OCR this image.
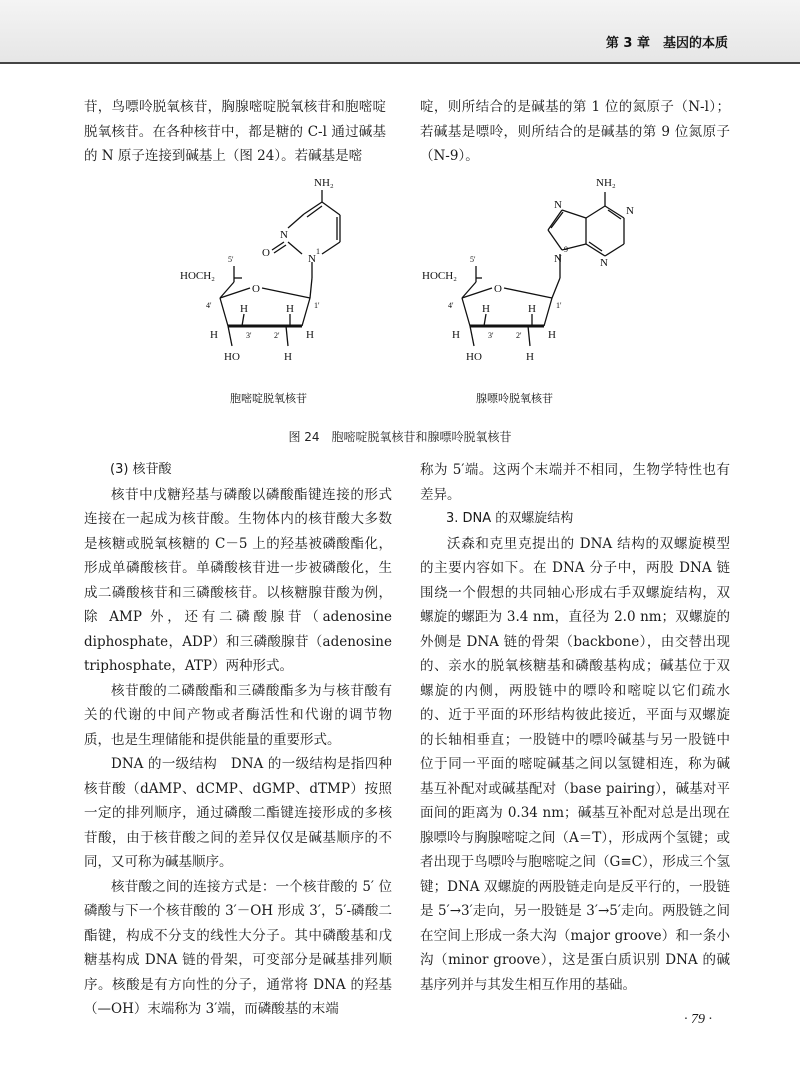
第 3 章　基因的本质

苷，鸟嘌呤脱氧核苷，胸腺嘧啶脱氧核苷和胞嘧啶脱氧核苷。在各种核苷中，都是糖的 C-l 通过碱基的 N 原子连接到碱基上（图 24）。若碱基是嘧

啶，则所结合的是碱基的第 1 位的氮原子（N-l）；若碱基是嘌呤，则所结合的是碱基的第 9 位氮原子（N-9）。

NH₂
N
N
O	1
5'
HOCH₂
O
4'	1'
H
H	H
H
3'	2'
HO	H
胞嘧啶脱氧核苷
NH₂
N	N
N
N
9
5'
HOCH₂
O
4'	1'
H
H	H
H
3'	2'
HO	H
腺嘌呤脱氧核苷
图 24　胞嘧啶脱氧核苷和腺嘌呤脱氧核苷

(3) 核苷酸

核苷中戊糖羟基与磷酸以磷酸酯键连接的形式连接在一起成为核苷酸。生物体内的核苷酸大多数是核糖或脱氧核糖的 C－5 上的羟基被磷酸酯化，形成单磷酸核苷。单磷酸核苷进一步被磷酸化，生成二磷酸核苷和三磷酸核苷。以核糖腺苷酸为例，除 AMP 外，还有二磷酸腺苷（adenosine diphosphate，ADP）和三磷酸腺苷（adenosine triphosphate，ATP）两种形式。

核苷酸的二磷酸酯和三磷酸酯多为与核苷酸有关的代谢的中间产物或者酶活性和代谢的调节物质，也是生理储能和提供能量的重要形式。

DNA 的一级结构　DNA 的一级结构是指四种核苷酸（dAMP、dCMP、dGMP、dTMP）按照一定的排列顺序，通过磷酸二酯键连接形成的多核苷酸，由于核苷酸之间的差异仅仅是碱基顺序的不同，又可称为碱基顺序。

核苷酸之间的连接方式是：一个核苷酸的 5′ 位磷酸与下一个核苷酸的 3′－OH 形成 3′，5′-磷酸二酯键，构成不分支的线性大分子。其中磷酸基和戊糖基构成 DNA 链的骨架，可变部分是碱基排列顺序。核酸是有方向性的分子，通常将 DNA 的羟基（—OH）末端称为 3′端，而磷酸基的末端

称为 5′端。这两个末端并不相同，生物学特性也有差异。

3. DNA 的双螺旋结构

沃森和克里克提出的 DNA 结构的双螺旋模型的主要内容如下。在 DNA 分子中，两股 DNA 链围绕一个假想的共同轴心形成右手双螺旋结构，双螺旋的螺距为 3.4 nm，直径为 2.0 nm；双螺旋的外侧是 DNA 链的骨架（backbone），由交替出现的、亲水的脱氧核糖基和磷酸基构成；碱基位于双螺旋的内侧，两股链中的嘌呤和嘧啶以它们疏水的、近于平面的环形结构彼此接近，平面与双螺旋的长轴相垂直；一股链中的嘌呤碱基与另一股链中位于同一平面的嘧啶碱基之间以氢键相连，称为碱基互补配对或碱基配对（base pairing），碱基对平面间的距离为 0.34 nm；碱基互补配对总是出现在腺嘌呤与胸腺嘧啶之间（A＝T），形成两个氢键；或者出现于鸟嘌呤与胞嘧啶之间（G≡C），形成三个氢键；DNA 双螺旋的两股链走向是反平行的，一股链是 5′→3′走向，另一股链是 3′→5′走向。两股链之间在空间上形成一条大沟（major groove）和一条小沟（minor groove），这是蛋白质识别 DNA 的碱基序列并与其发生相互作用的基础。

· 79 ·
